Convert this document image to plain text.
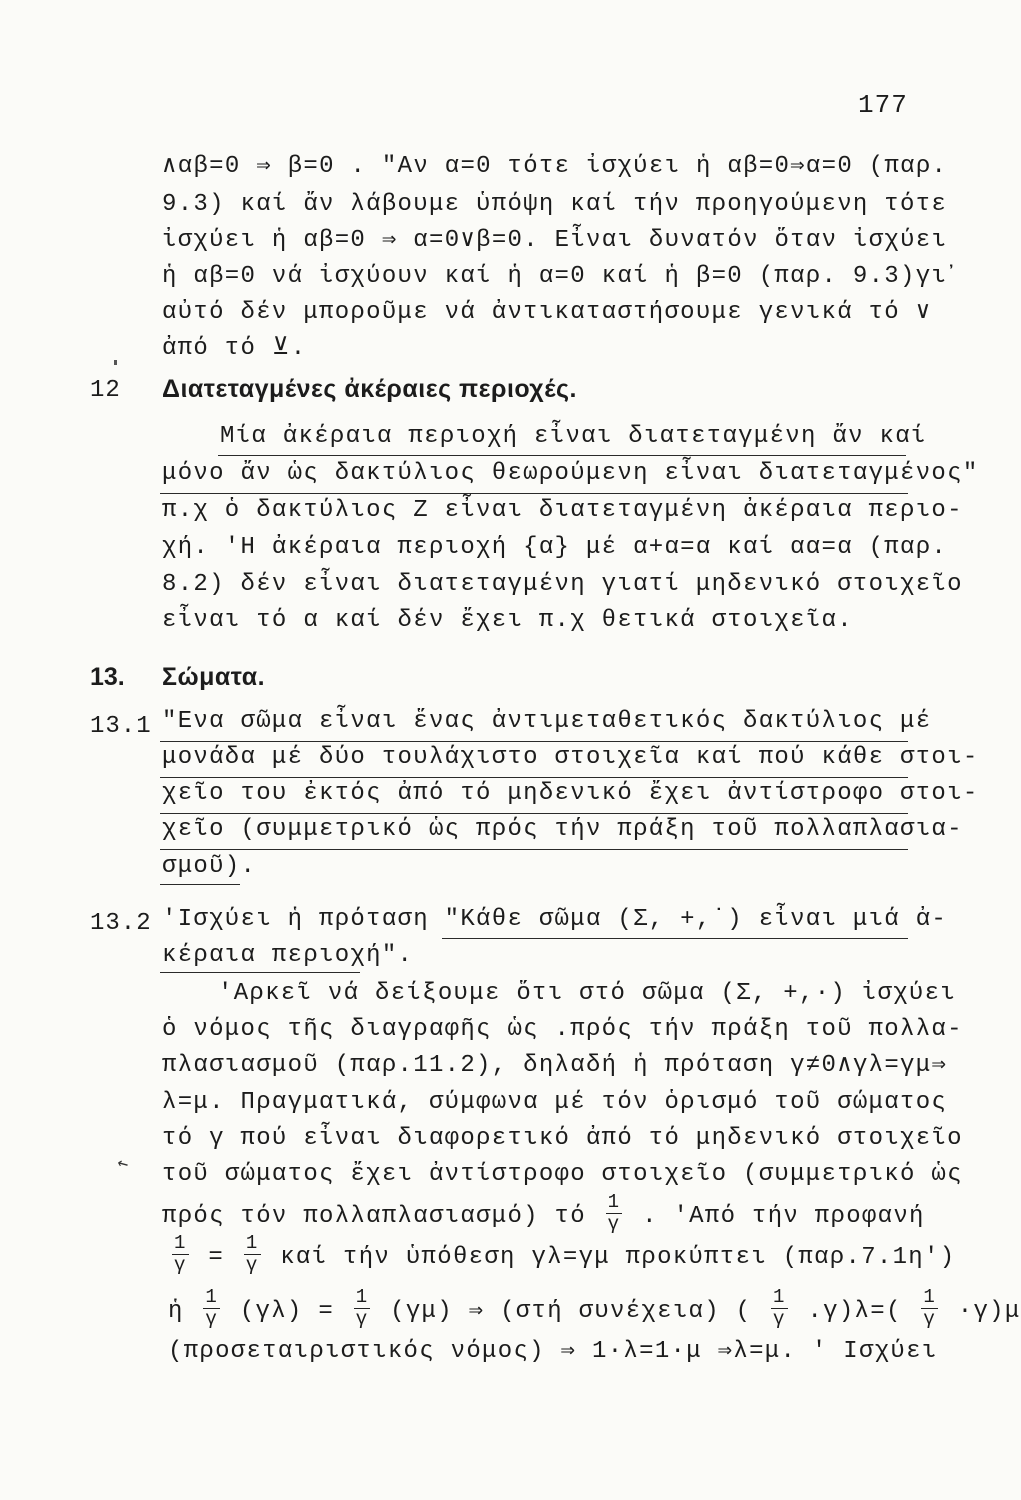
177
∧αβ=0 ⇒ β=0 . "Αν α=0 τότε ἰσχύει ἡ αβ=0⇒α=0 (παρ.
9.3) καί ἄν λάβουμε ὑπόψη καί τήν προηγούμενη τότε
ἰσχύει ἡ αβ=0 ⇒ α=0∨β=0. Εἶναι δυνατόν ὅταν ἰσχύει
ἡ αβ=0 νά ἰσχύουν καί ἡ α=0 καί ἡ β=0 (παρ. 9.3)γι᾿
αὐτό δέν μποροῦμε νά ἀντικαταστήσουμε γενικά τό ∨
ἀπό τό ⊻.
12 Διατεταγμένες ἀκέραιες περιοχές.
Μία ἀκέραια περιοχή εἶναι διατεταγμένη ἄν καί
μόνο ἄν ὡς δακτύλιος θεωρούμενη εἶναι διατεταγμένος"
π.χ ὁ δακτύλιος Ζ εἶναι διατεταγμένη ἀκέραια περιο-
χή. 'Η ἀκέραια περιοχή {α} μέ α+α=α καί αα=α (παρ.
8.2) δέν εἶναι διατεταγμένη γιατί μηδενικό στοιχεῖο
εἶναι τό α καί δέν ἔχει π.χ θετικά στοιχεῖα.
13. Σώματα.
13.1 "Ενα σῶμα εἶναι ἕνας ἀντιμεταθετικός δακτύλιος μέ
μονάδα μέ δύο τουλάχιστο στοιχεῖα καί πού κάθε στοι-
χεῖο του ἐκτός ἀπό τό μηδενικό ἔχει ἀντίστροφο στοι-
χεῖο (συμμετρικό ὡς πρός τήν πράξη τοῦ πολλαπλασια-
σμοῦ).
13.2 'Ισχύει ἡ πρόταση "Κάθε σῶμα (Σ, +,˙) εἶναι μιά ἀ-
κέραια περιοχή".
'Αρκεῖ νά δείξουμε ὅτι στό σῶμα (Σ, +,·) ἰσχύει
ὁ νόμος τῆς διαγραφῆς ὡς .πρός τήν πράξη τοῦ πολλα-
πλασιασμοῦ (παρ.11.2), δηλαδή ἡ πρόταση γ≠0∧γλ=γμ⇒
λ=μ. Πραγματικά, σύμφωνα μέ τόν ὁρισμό τοῦ σώματος
↖
τό γ πού εἶναι διαφορετικό ἀπό τό μηδενικό στοιχεῖο
τοῦ σώματος ἔχει ἀντίστροφο στοιχεῖο (συμμετρικό ὡς
πρός τόν πολλαπλασιασμό) τό $\frac{1}{\gamma}$ . 'Από τήν προφανή
$\frac{1}{\gamma} = \frac{1}{\gamma}$ καί τήν ὑπόθεση γλ=γμ προκύπτει (παρ.7.1η')
ἡ $\frac{1}{\gamma} (\gamma\lambda) = \frac{1}{\gamma} (\gamma\mu)$ ⇒ (στή συνέχεια) ( $\frac{1}{\gamma} .\gamma)\lambda=( \frac{1}{\gamma} \cdot\gamma)\mu$
(προσεταιριστικός νόμος) ⇒ 1·λ=1·μ ⇒λ=μ. ' Ισχύει
